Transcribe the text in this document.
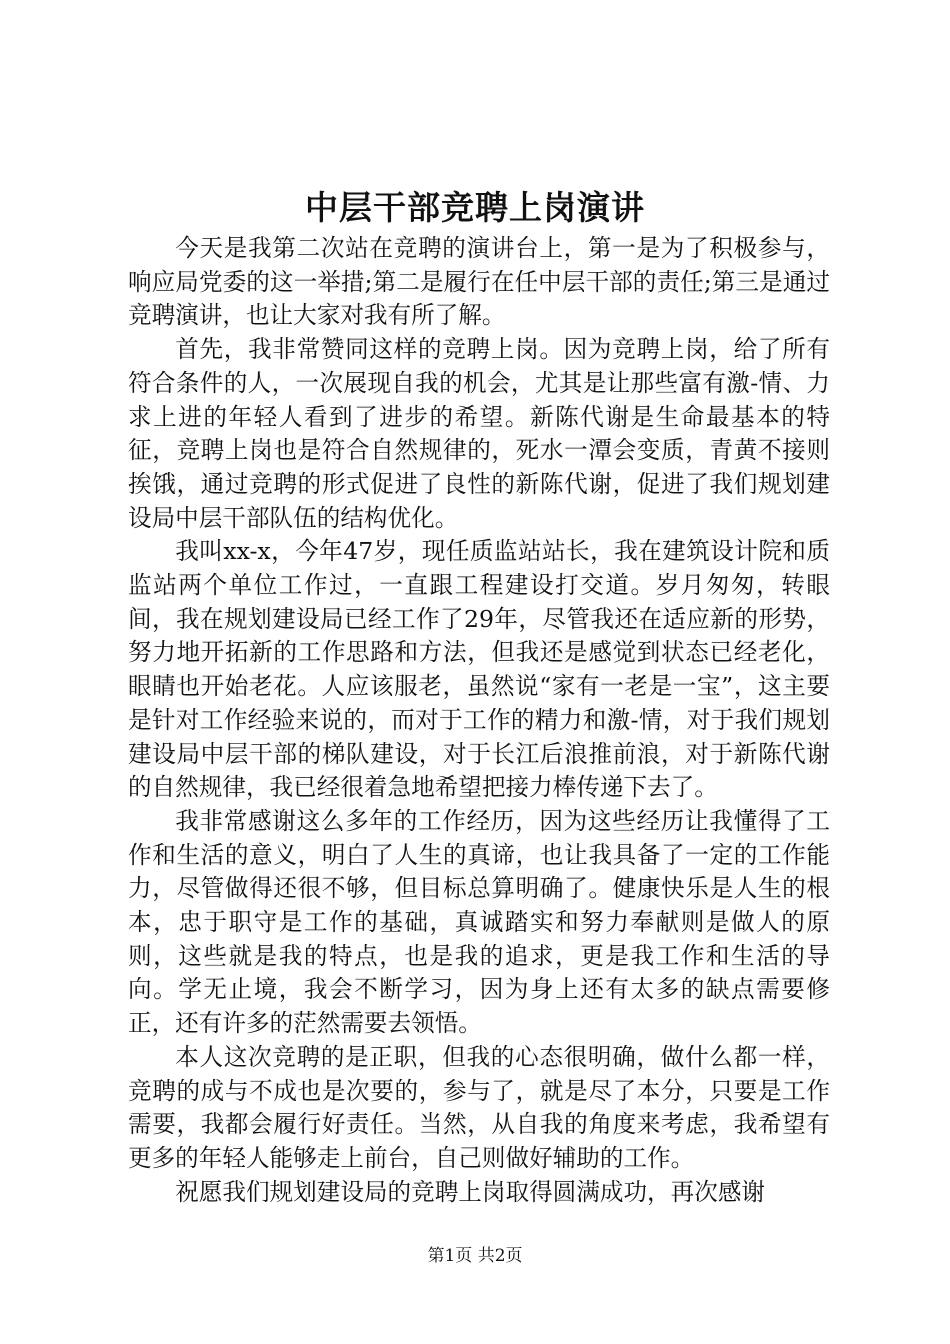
中层干部竞聘上岗演讲

今天是我第二次站在竞聘的演讲台上，第一是为了积极参与，响应局党委的这一举措;第二是履行在任中层干部的责任;第三是通过竞聘演讲，也让大家对我有所了解。

首先，我非常赞同这样的竞聘上岗。因为竞聘上岗，给了所有符合条件的人，一次展现自我的机会，尤其是让那些富有激-情、力求上进的年轻人看到了进步的希望。新陈代谢是生命最基本的特征，竞聘上岗也是符合自然规律的，死水一潭会变质，青黄不接则挨饿，通过竞聘的形式促进了良性的新陈代谢，促进了我们规划建设局中层干部队伍的结构优化。

我叫xx-x，今年47岁，现任质监站站长，我在建筑设计院和质监站两个单位工作过，一直跟工程建设打交道。岁月匆匆，转眼间，我在规划建设局已经工作了29年，尽管我还在适应新的形势，努力地开拓新的工作思路和方法，但我还是感觉到状态已经老化，眼睛也开始老花。人应该服老，虽然说“家有一老是一宝”，这主要是针对工作经验来说的，而对于工作的精力和激-情，对于我们规划建设局中层干部的梯队建设，对于长江后浪推前浪，对于新陈代谢的自然规律，我已经很着急地希望把接力棒传递下去了。

我非常感谢这么多年的工作经历，因为这些经历让我懂得了工作和生活的意义，明白了人生的真谛，也让我具备了一定的工作能力，尽管做得还很不够，但目标总算明确了。健康快乐是人生的根本，忠于职守是工作的基础，真诚踏实和努力奉献则是做人的原则，这些就是我的特点，也是我的追求，更是我工作和生活的导向。学无止境，我会不断学习，因为身上还有太多的缺点需要修正，还有许多的茫然需要去领悟。

本人这次竞聘的是正职，但我的心态很明确，做什么都一样，竞聘的成与不成也是次要的，参与了，就是尽了本分，只要是工作需要，我都会履行好责任。当然，从自我的角度来考虑，我希望有更多的年轻人能够走上前台，自己则做好辅助的工作。

祝愿我们规划建设局的竞聘上岗取得圆满成功，再次感谢

第1页 共2页
